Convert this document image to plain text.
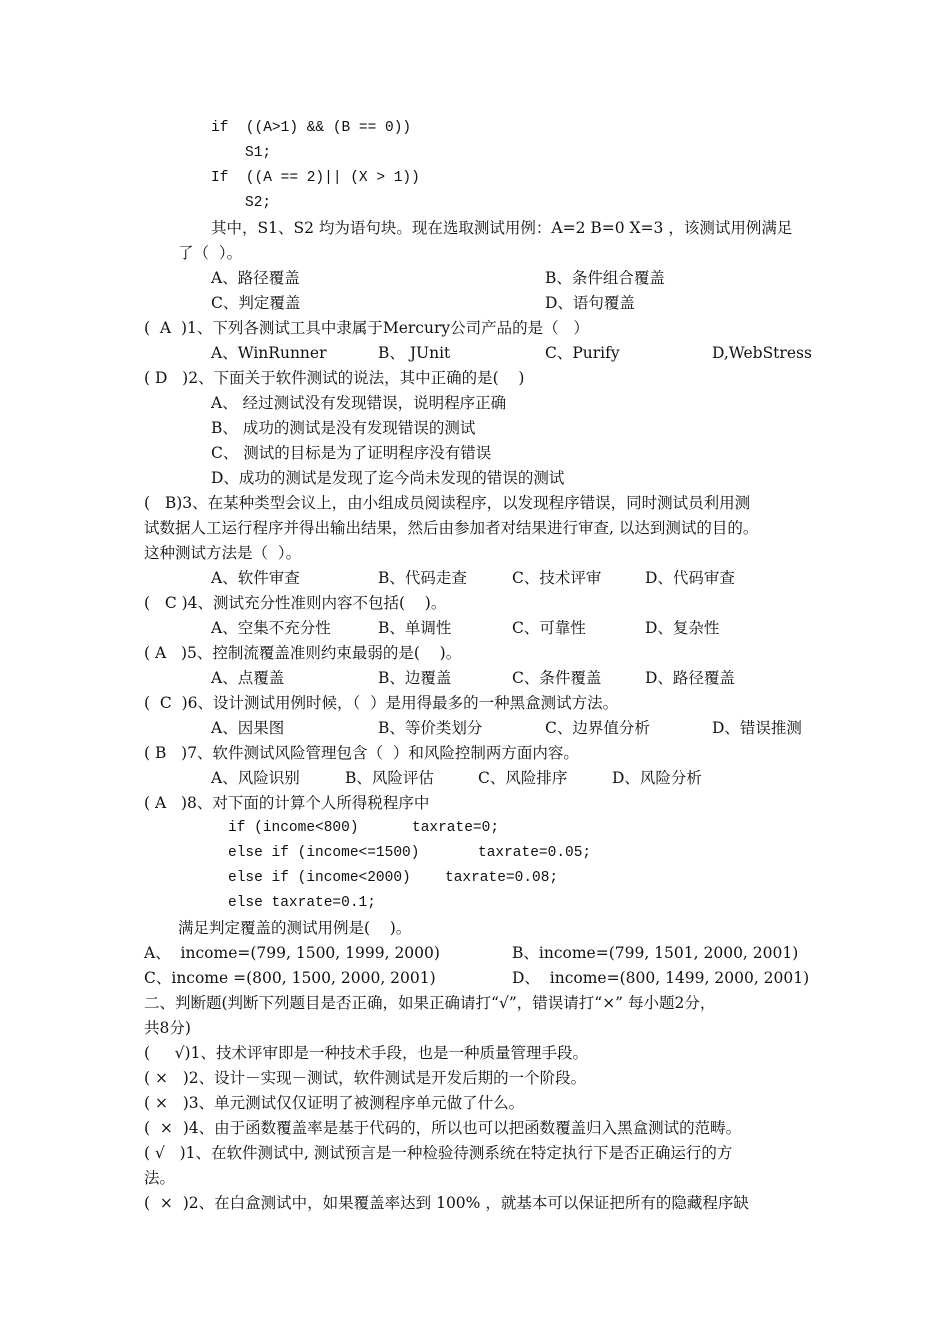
if  ((A>1) && (B == 0))
S1;
If  ((A == 2)|| (X > 1))
S2;
其中，S1、S2 均为语句块。现在选取测试用例：A=2 B=0 X=3 ，该测试用例满足
了（  ）。
A、路径覆盖	B、条件组合覆盖
C、判定覆盖	D、语句覆盖
(  A  )1、下列各测试工具中隶属于Mercury公司产品的是（   ）
A、WinRunner	B、 JUnit	C、Purify	D,WebStress
( D   )2、下面关于软件测试的说法，其中正确的是(    )
A、 经过测试没有发现错误，说明程序正确
B、 成功的测试是没有发现错误的测试
C、 测试的目标是为了证明程序没有错误
D、成功的测试是发现了迄今尚未发现的错误的测试
(   B)3、在某种类型会议上，由小组成员阅读程序，以发现程序错误，同时测试员利用测
试数据人工运行程序并得出输出结果，然后由参加者对结果进行审查, 以达到测试的目的。
这种测试方法是（  ）。
A、软件审查	B、代码走查	C、技术评审	D、代码审查
(   C )4、测试充分性准则内容不包括(    )。
A、空集不充分性	B、单调性	C、可靠性	D、复杂性
( A   )5、控制流覆盖准则约束最弱的是(    )。
A、点覆盖	B、边覆盖	C、条件覆盖	D、路径覆盖
(  C  )6、设计测试用例时候，（  ）是用得最多的一种黑盒测试方法。
A、因果图	B、等价类划分	C、边界值分析	D、错误推测
( B   )7、软件测试风险管理包含（  ）和风险控制两方面内容。
A、风险识别	B、风险评估	C、风险排序	D、风险分析
( A   )8、对下面的计算个人所得税程序中
if (income<800)	taxrate=0;
else if (income<=1500)	taxrate=0.05;
else if (income<2000) taxrate=0.08;
else taxrate=0.1;
满足判定覆盖的测试用例是(    )。
A、  income=(799, 1500, 1999, 2000)	B、income=(799, 1501, 2000, 2001)
C、income =(800, 1500, 2000, 2001)	D、  income=(800, 1499, 2000, 2001)
二、判断题(判断下列题目是否正确，如果正确请打“√”，错误请打“×” 每小题2分，
共8分)
(     √)1、技术评审即是一种技术手段，也是一种质量管理手段。
( ×   )2、设计－实现－测试，软件测试是开发后期的一个阶段。
( ×   )3、单元测试仅仅证明了被测程序单元做了什么。
(  ×  )4、由于函数覆盖率是基于代码的，所以也可以把函数覆盖归入黑盒测试的范畴。
( √   )1、在软件测试中, 测试预言是一种检验待测系统在特定执行下是否正确运行的方
法。
(  ×  )2、在白盒测试中，如果覆盖率达到 100% ，就基本可以保证把所有的隐藏程序缺
